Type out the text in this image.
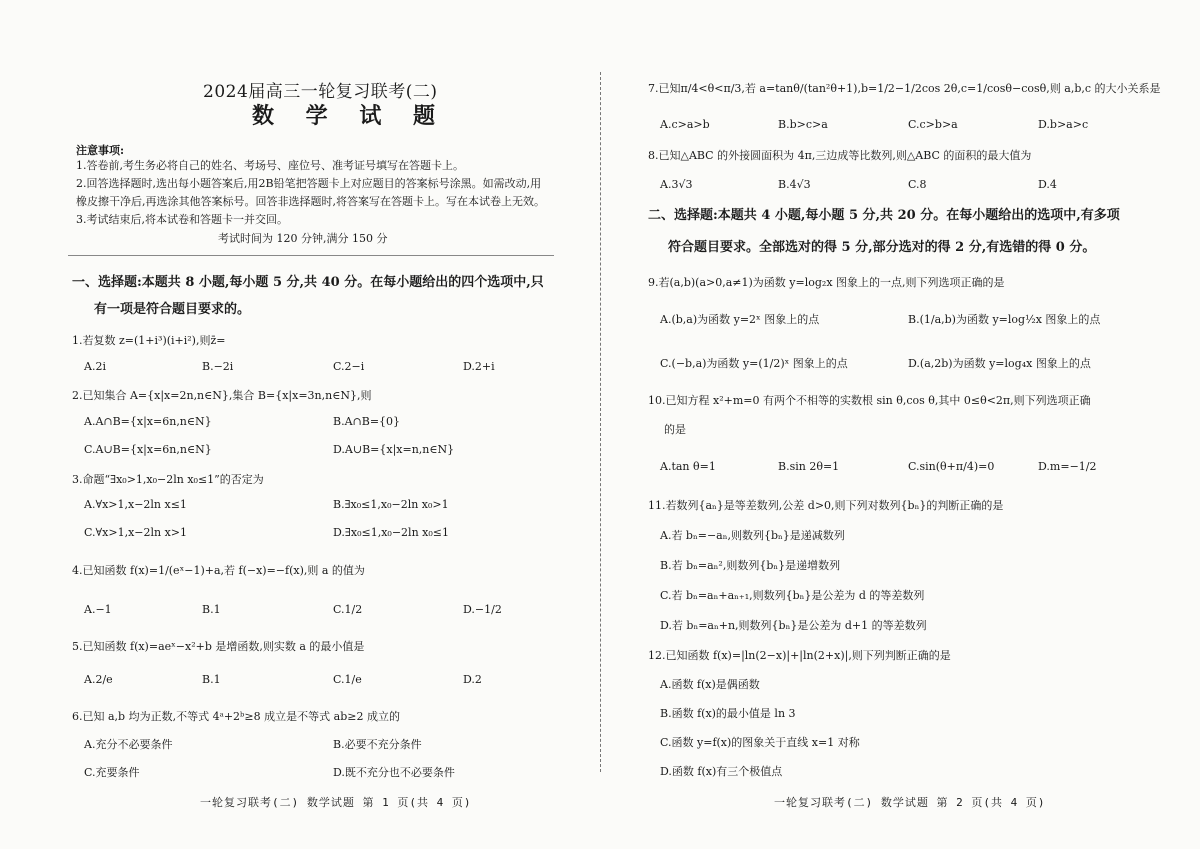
2024届高三一轮复习联考(二)
数 学 试 题
注意事项:
1.答卷前,考生务必将自己的姓名、考场号、座位号、准考证号填写在答题卡上。
2.回答选择题时,选出每小题答案后,用2B铅笔把答题卡上对应题目的答案标号涂黑。如需改动,用
橡皮擦干净后,再选涂其他答案标号。回答非选择题时,将答案写在答题卡上。写在本试卷上无效。
3.考试结束后,将本试卷和答题卡一并交回。
考试时间为 120 分钟,满分 150 分
一、选择题:本题共 8 小题,每小题 5 分,共 40 分。在每小题给出的四个选项中,只
有一项是符合题目要求的。
1.若复数 z=(1+i³)(i+i²),则z̄=
A.2i	B.−2i	C.2−i	D.2+i
2.已知集合 A={x|x=2n,n∈N},集合 B={x|x=3n,n∈N},则
A.A∩B={x|x=6n,n∈N}	B.A∩B={0}
C.A∪B={x|x=6n,n∈N}	D.A∪B={x|x=n,n∈N}
3.命题“∃x₀>1,x₀−2ln x₀≤1”的否定为
A.∀x>1,x−2ln x≤1	B.∃x₀≤1,x₀−2ln x₀>1
C.∀x>1,x−2ln x>1	D.∃x₀≤1,x₀−2ln x₀≤1
4.已知函数 f(x)=1/(eˣ−1)+a,若 f(−x)=−f(x),则 a 的值为
A.−1	B.1	C.1/2	D.−1/2
5.已知函数 f(x)=aeˣ−x²+b 是增函数,则实数 a 的最小值是
A.2/e	B.1	C.1/e	D.2
6.已知 a,b 均为正数,不等式 4ᵃ+2ᵇ≥8 成立是不等式 ab≥2 成立的
A.充分不必要条件	B.必要不充分条件
C.充要条件	D.既不充分也不必要条件
一轮复习联考(二) 数学试题 第 1 页(共 4 页)
7.已知π/4<θ<π/3,若 a=tanθ/(tan²θ+1),b=1/2−1/2cos 2θ,c=1/cosθ−cosθ,则 a,b,c 的大小关系是
A.c>a>b	B.b>c>a	C.c>b>a	D.b>a>c
8.已知△ABC 的外接圆面积为 4π,三边成等比数列,则△ABC 的面积的最大值为
A.3√3	B.4√3	C.8	D.4
二、选择题:本题共 4 小题,每小题 5 分,共 20 分。在每小题给出的选项中,有多项
符合题目要求。全部选对的得 5 分,部分选对的得 2 分,有选错的得 0 分。
9.若(a,b)(a>0,a≠1)为函数 y=log₂x 图象上的一点,则下列选项正确的是
A.(b,a)为函数 y=2ˣ 图象上的点	B.(1/a,b)为函数 y=log½x 图象上的点
C.(−b,a)为函数 y=(1/2)ˣ 图象上的点	D.(a,2b)为函数 y=log₄x 图象上的点
10.已知方程 x²+m=0 有两个不相等的实数根 sin θ,cos θ,其中 0≤θ<2π,则下列选项正确
的是
A.tan θ=1	B.sin 2θ=1	C.sin(θ+π/4)=0	D.m=−1/2
11.若数列{aₙ}是等差数列,公差 d>0,则下列对数列{bₙ}的判断正确的是
A.若 bₙ=−aₙ,则数列{bₙ}是递减数列
B.若 bₙ=aₙ²,则数列{bₙ}是递增数列
C.若 bₙ=aₙ+aₙ₊₁,则数列{bₙ}是公差为 d 的等差数列
D.若 bₙ=aₙ+n,则数列{bₙ}是公差为 d+1 的等差数列
12.已知函数 f(x)=|ln(2−x)|+|ln(2+x)|,则下列判断正确的是
A.函数 f(x)是偶函数
B.函数 f(x)的最小值是 ln 3
C.函数 y=f(x)的图象关于直线 x=1 对称
D.函数 f(x)有三个极值点
一轮复习联考(二) 数学试题 第 2 页(共 4 页)
